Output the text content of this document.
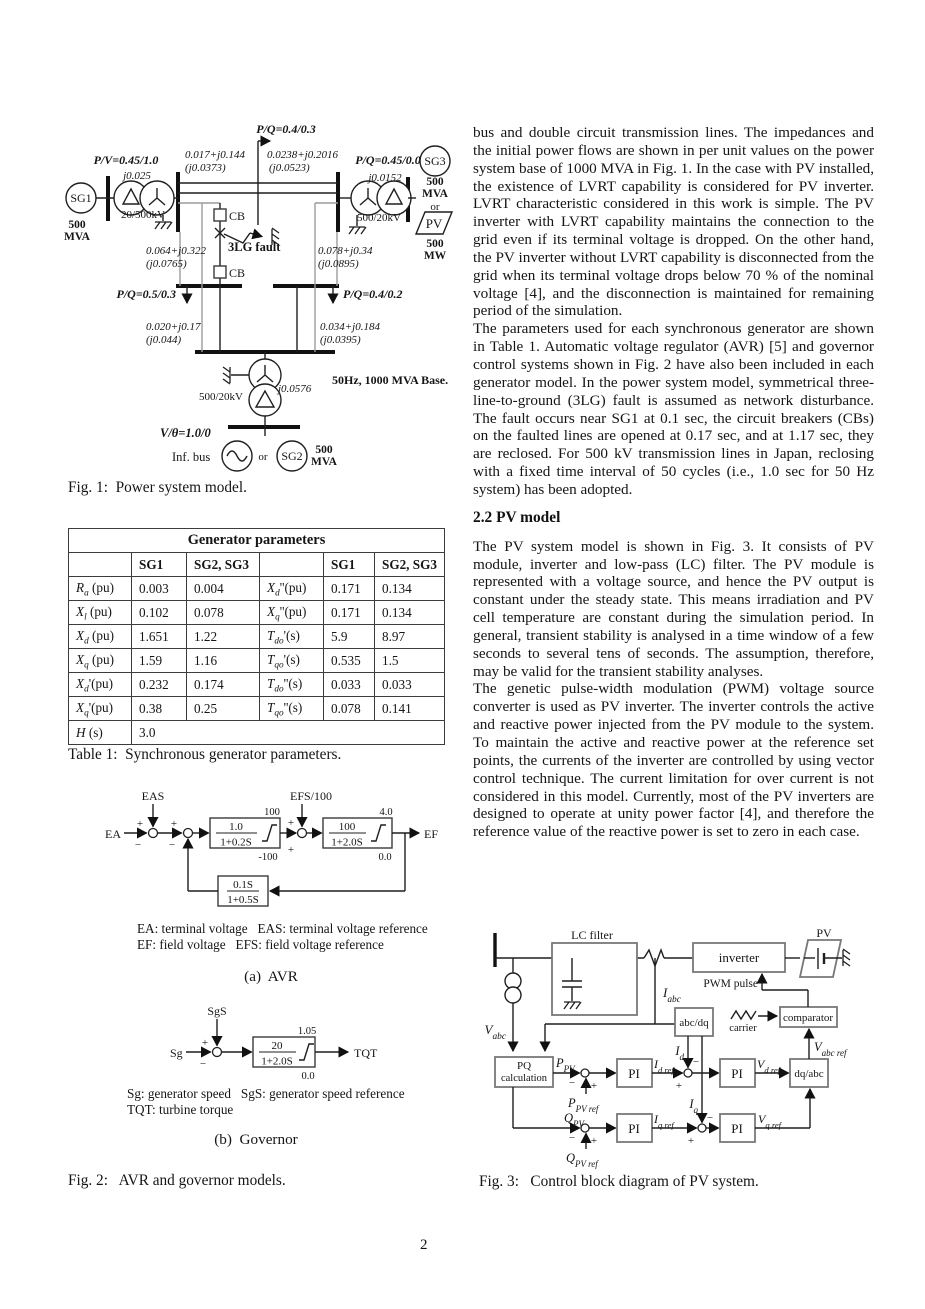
P/V=0.45/1.0
SG1
500
MVA
j0.025
20/500kV
P/Q=0.4/0.3
0.017+j0.144
(j0.0373)
0.0238+j0.2016
(j0.0523)
P/Q=0.45/0.0
j0.0152
500/20kV
SG3
500
MVA
or
PV
500
MW
CB
CB
3LG fault
0.064+j0.322
(j0.0765)
0.078+j0.34
(j0.0895)
P/Q=0.5/0.3	P/Q=0.4/0.2
0.020+j0.17
(j0.044)
0.034+j0.184
(j0.0395)
500/20kV
j0.0576
50Hz, 1000 MVA Base.
V/θ=1.0/0
Inf. bus	or SG2 500
MVA
Fig. 1:  Power system model.
Generator parameters					
	SG1	SG2, SG3		SG1	SG2, SG3
$R_a$ (pu)	0.003	0.004	$X_d''(pu)$	0.171	0.134
$X_l$ (pu)	0.102	0.078	$X_q''(pu)$	0.171	0.134
$X_d$ (pu)	1.651	1.22	$T_{do}'(s)$	5.9	8.97
$X_q$ (pu)	1.59	1.16	$T_{qo}'(s)$	0.535	1.5
$X_d'(pu)$	0.232	0.174	$T_{do}''(s)$	0.033	0.033
$X_q'(pu)$	0.38	0.25	$T_{qo}''(s)$	0.078	0.141
H (s)	3.0				
Table 1:  Synchronous generator parameters.
EAS
EA
+
−
+
−
1.0
1+0.2S
100
-100
EFS/100
+
+
100
1+2.0S
4.0
0.0
EF
0.1S
1+0.5S
EA: terminal voltage   EAS: terminal voltage reference
EF: field voltage   EFS: field voltage reference
(a)  AVR
SgS
Sg
+
−
20
1+2.0S
1.05
0.0
TQT
Sg: generator speed   SgS: generator speed reference
TQT: turbine torque
(b)  Governor
Fig. 2:   AVR and governor models.

bus and double circuit transmission lines. The impedances and the initial power flows are shown in per unit values on the power system base of 1000 MVA in Fig. 1. In the case with PV installed, the existence of LVRT capability is considered for PV inverter. LVRT characteristic considered in this work is simple. The PV inverter with LVRT capability maintains the connection to the grid even if its terminal voltage is dropped. On the other hand, the PV inverter without LVRT capability is disconnected from the grid when its terminal voltage drops below 70 % of the nominal voltage [4], and the disconnection is maintained for remaining period of the simulation.

The parameters used for each synchronous generator are shown in Table 1. Automatic voltage regulator (AVR) [5] and governor control systems shown in Fig. 2 have also been included in each generator model. In the power system model, symmetrical three-line-to-ground (3LG) fault is assumed as network disturbance. The fault occurs near SG1 at 0.1 sec, the circuit breakers (CBs) on the faulted lines are opened at 0.17 sec, and at 1.17 sec, they are reclosed. For 500 kV transmission lines in Japan, reclosing with a fixed time interval of 50 cycles (i.e., 1.0 sec for 50 Hz system) has been adopted.

2.2 PV model

The PV system model is shown in Fig. 3. It consists of PV module, inverter and low-pass (LC) filter. The PV module is represented with a voltage source, and hence the PV output is constant under the steady state. This means irradiation and PV cell temperature are constant during the simulation period. In general, transient stability is analysed in a time window of a few seconds to several tens of seconds. The assumption, therefore, may be valid for the transient stability analyses.

The genetic pulse-width modulation (PWM) voltage source converter is used as PV inverter. The inverter controls the active and reactive power injected from the PV module to the system. To maintain the active and reactive power at the reference set points, the currents of the inverter are controlled by using vector control technique. The current limitation for over current is not considered in this model. Currently, most of the PV inverters are designed to operate at unity power factor [4], and therefore the reference value of the reactive power is set to zero in each case.

LC filter
inverter
PV
$I_{abc}$
$V_{abc}$
PWM pulse
carrier
comparator
abc/dq
PQ
calculation	dq/abc
$V_{abc ref}$
$P_{PV}$
− +
$P_{PV ref}$
PI
$I_{d ref}$
$I_d$ −
+
PI
$V_{d ref}$
$Q_{PV}$
− +
$Q_{PV ref}$
PI
$I_{q ref}$
$I_q$
−
+
PI
$V_{q ref}$
Fig. 3:   Control block diagram of PV system.
2
